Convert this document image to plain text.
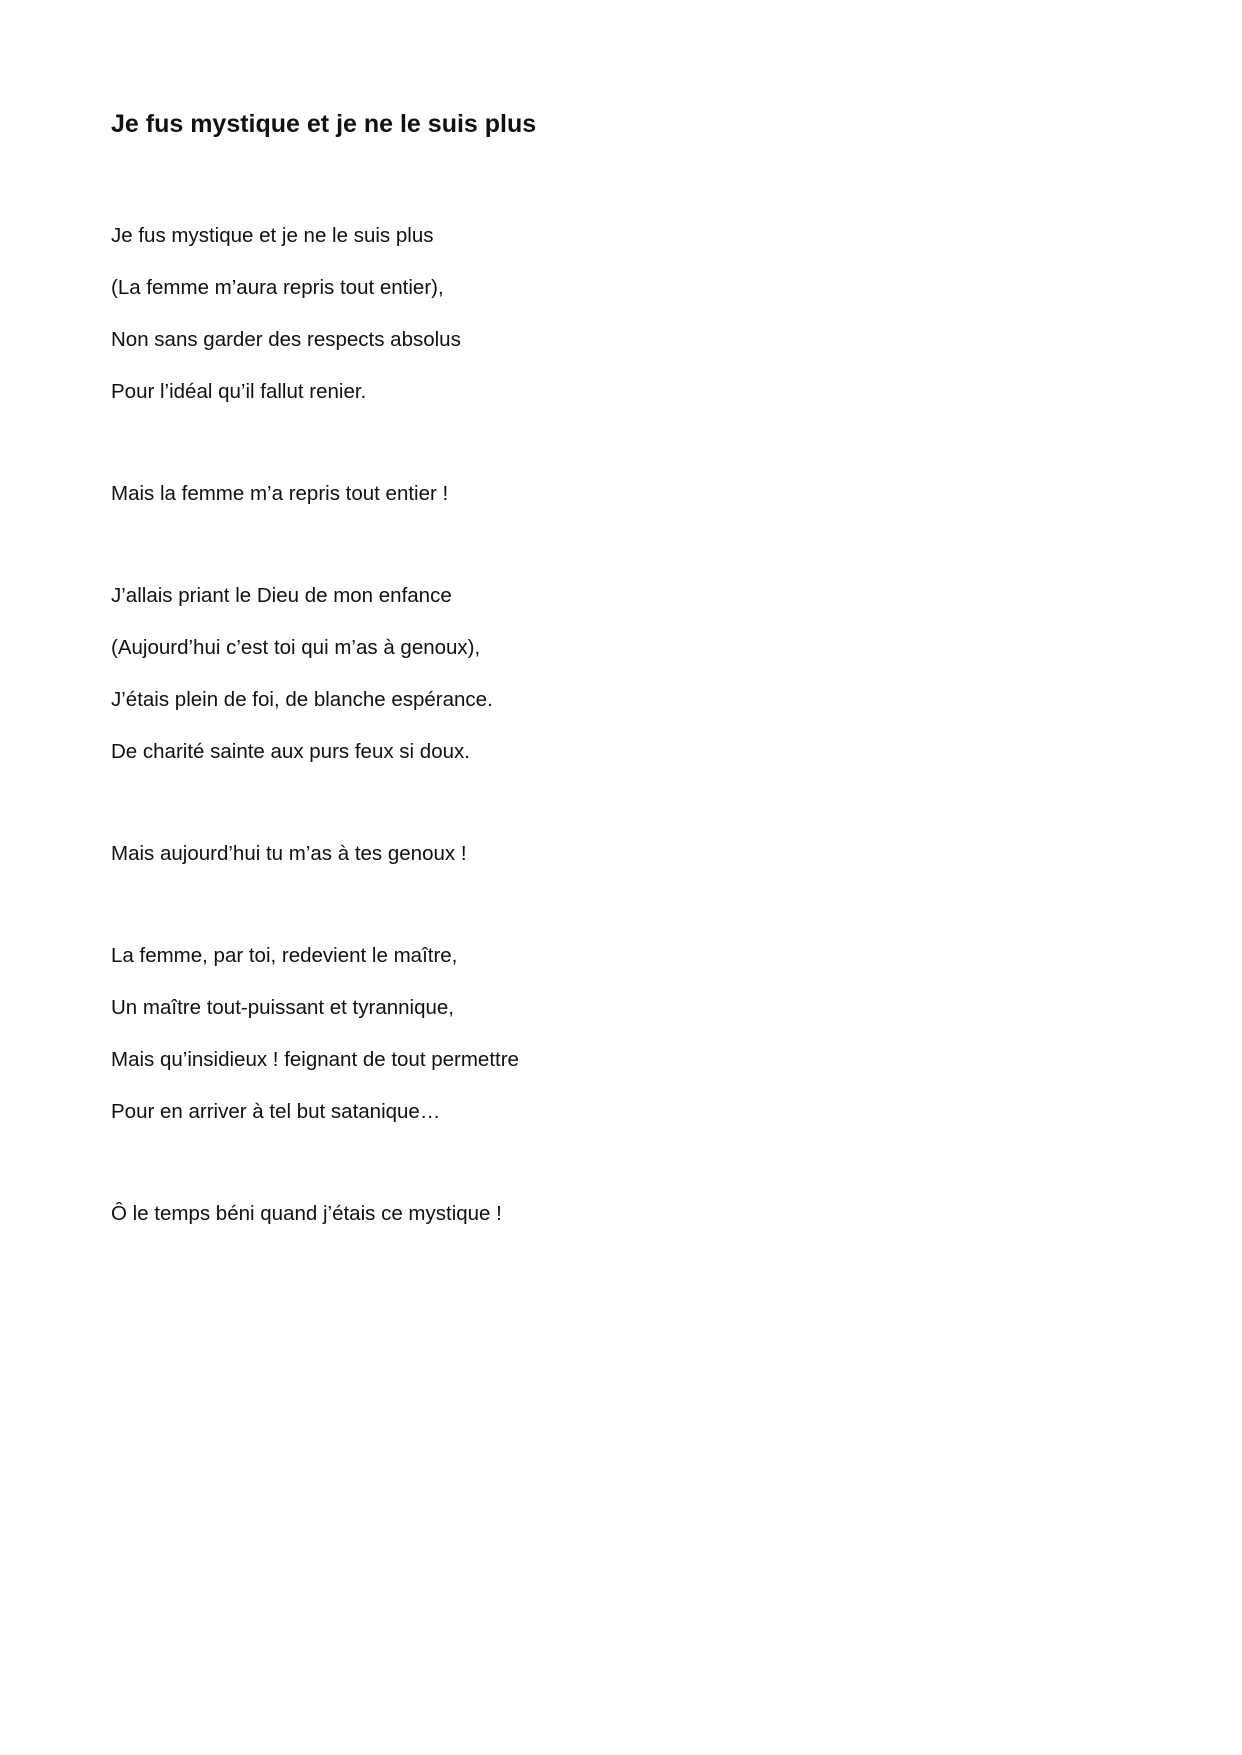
Je fus mystique et je ne le suis plus
Je fus mystique et je ne le suis plus
(La femme m’aura repris tout entier),
Non sans garder des respects absolus
Pour l’idéal qu’il fallut renier.
Mais la femme m’a repris tout entier !
J’allais priant le Dieu de mon enfance
(Aujourd’hui c’est toi qui m’as à genoux),
J’étais plein de foi, de blanche espérance.
De charité sainte aux purs feux si doux.
Mais aujourd’hui tu m’as à tes genoux !
La femme, par toi, redevient le maître,
Un maître tout-puissant et tyrannique,
Mais qu’insidieux ! feignant de tout permettre
Pour en arriver à tel but satanique…
Ô le temps béni quand j’étais ce mystique !
